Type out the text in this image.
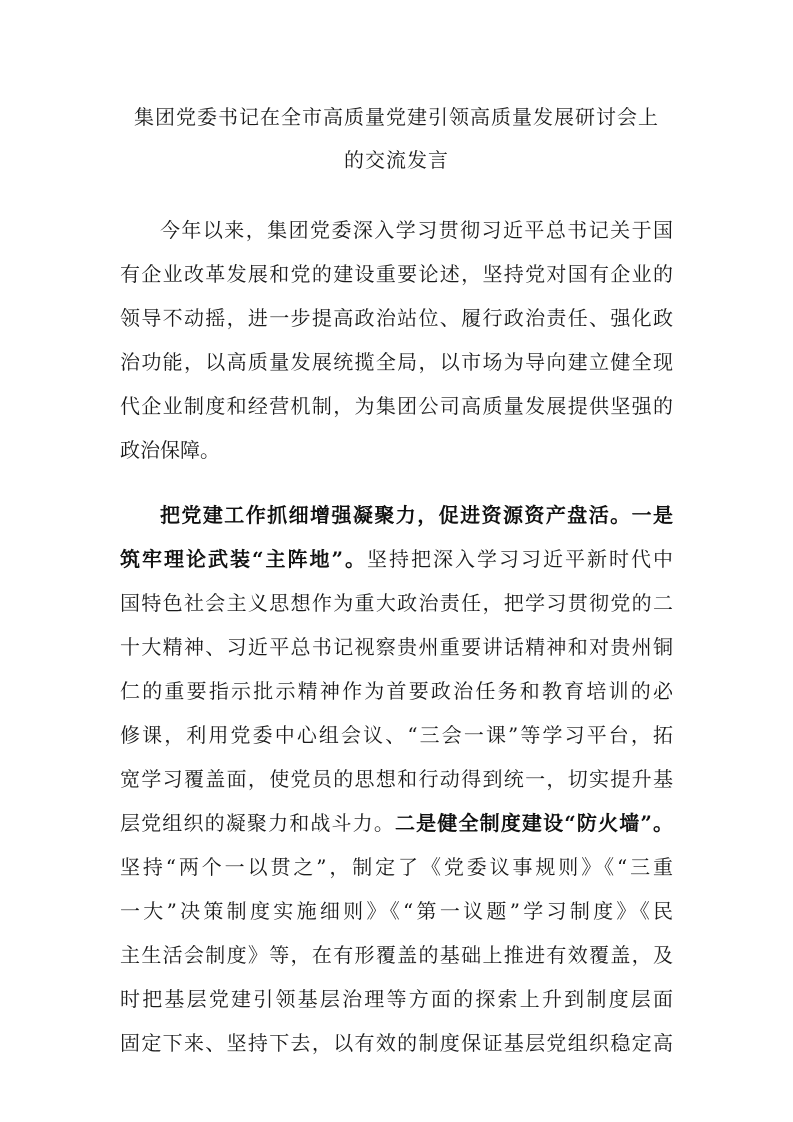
集团党委书记在全市高质量党建引领高质量发展研讨会上
的交流发言
今年以来，集团党委深入学习贯彻习近平总书记关于国
有企业改革发展和党的建设重要论述，坚持党对国有企业的
领导不动摇，进一步提高政治站位、履行政治责任、强化政
治功能，以高质量发展统揽全局，以市场为导向建立健全现
代企业制度和经营机制，为集团公司高质量发展提供坚强的
政治保障。
把党建工作抓细增强凝聚力，促进资源资产盘活。一是
筑牢理论武装“主阵地”。坚持把深入学习习近平新时代中
国特色社会主义思想作为重大政治责任，把学习贯彻党的二
十大精神、习近平总书记视察贵州重要讲话精神和对贵州铜
仁的重要指示批示精神作为首要政治任务和教育培训的必
修课，利用党委中心组会议、“三会一课”等学习平台，拓
宽学习覆盖面，使党员的思想和行动得到统一，切实提升基
层党组织的凝聚力和战斗力。二是健全制度建设“防火墙”。
坚持“两个一以贯之”，制定了《党委议事规则》《“三重
一大”决策制度实施细则》《“第一议题”学习制度》《民
主生活会制度》等，在有形覆盖的基础上推进有效覆盖，及
时把基层党建引领基层治理等方面的探索上升到制度层面
固定下来、坚持下去，以有效的制度保证基层党组织稳定高
